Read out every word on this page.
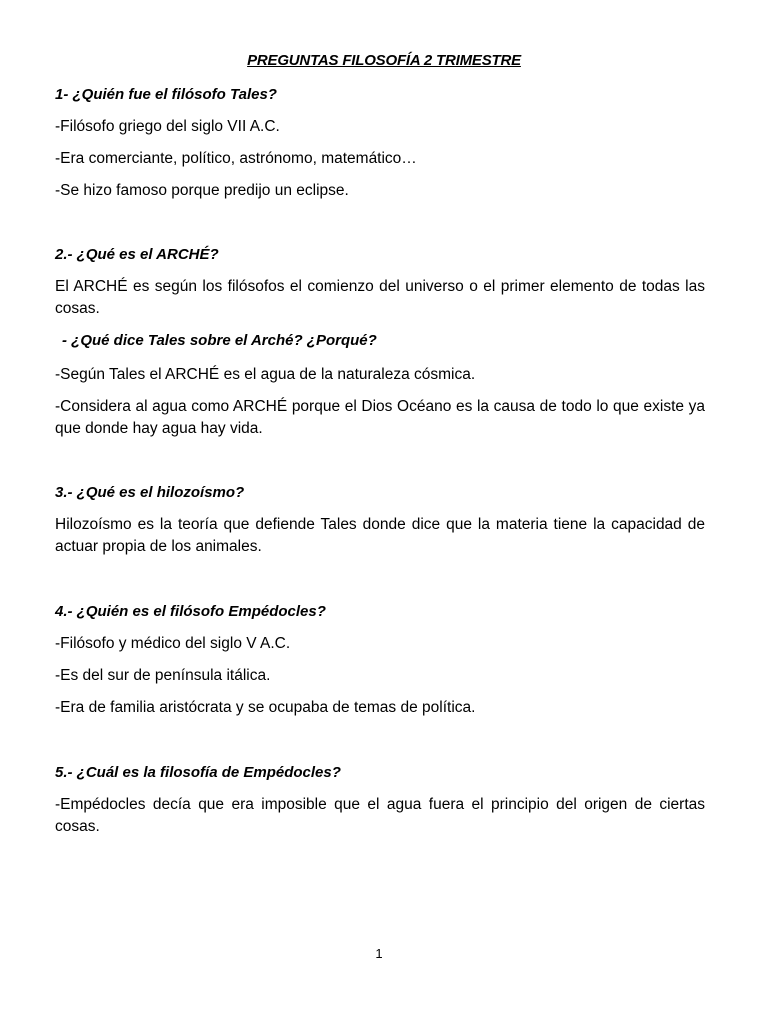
PREGUNTAS FILOSOFÍA 2 TRIMESTRE
1- ¿Quién fue el filósofo Tales?
-Filósofo griego del siglo VII A.C.
-Era comerciante, político, astrónomo, matemático…
-Se hizo famoso porque predijo un eclipse.
2.- ¿Qué es el ARCHÉ?
El ARCHÉ es según los filósofos el comienzo del universo o el primer elemento de todas las cosas.
- ¿Qué dice Tales sobre el Arché? ¿Porqué?
-Según Tales el ARCHÉ es el agua de la naturaleza cósmica.
-Considera al agua como ARCHÉ porque el Dios Océano es la causa de todo lo que existe ya que donde hay agua hay vida.
3.- ¿Qué es el hilozoísmo?
Hilozoísmo es la teoría que defiende Tales donde dice que la materia tiene la capacidad de actuar propia de los animales.
4.- ¿Quién es el filósofo Empédocles?
-Filósofo y médico del siglo V A.C.
-Es del sur de península itálica.
-Era de familia aristócrata y se ocupaba de temas de política.
5.- ¿Cuál es la filosofía de Empédocles?
-Empédocles decía que era imposible que el agua fuera el principio del origen de ciertas cosas.
1
